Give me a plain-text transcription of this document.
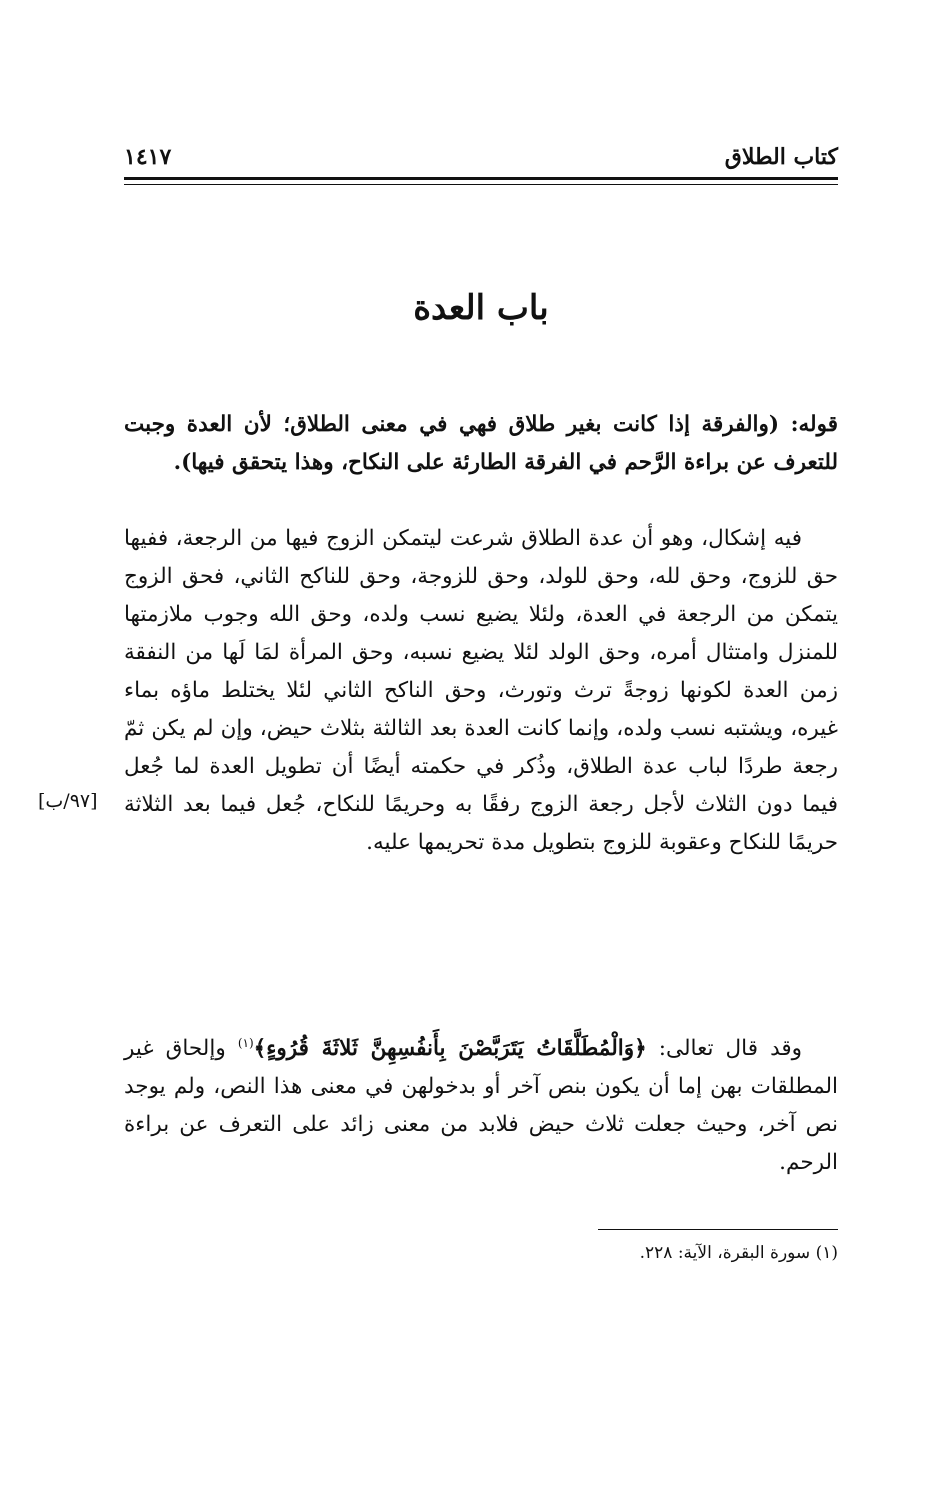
كتاب الطلاق
١٤١٧
باب العدة

قوله: (والفرقة إذا كانت بغير طلاق فهي في معنى الطلاق؛ لأن العدة وجبت للتعرف عن براءة الرَّحم في الفرقة الطارئة على النكاح، وهذا يتحقق فيها).

فيه إشكال، وهو أن عدة الطلاق شرعت ليتمكن الزوج فيها من الرجعة، ففيها حق للزوج، وحق لله، وحق للولد، وحق للزوجة، وحق للناكح الثاني، فحق الزوج يتمكن من الرجعة في العدة، ولئلا يضيع نسب ولده، وحق الله وجوب ملازمتها للمنزل وامتثال أمره، وحق الولد لئلا يضيع نسبه، وحق المرأة لمَا لَها من النفقة زمن العدة لكونها زوجةً ترث وتورث، وحق الناكح الثاني لئلا يختلط ماؤه بماء غيره، ويشتبه نسب ولده، وإنما كانت العدة بعد الثالثة بثلاث حيض، وإن لم يكن ثمّ رجعة طردًا لباب عدة الطلاق، وذُكر في حكمته أيضًا أن تطويل العدة لما جُعل فيما دون الثلاث لأجل رجعة الزوج رفقًا به وحريمًا للنكاح، جُعل فيما بعد الثلاثة حريمًا للنكاح وعقوبة للزوج بتطويل مدة تحريمها عليه.

[٩٧/ب]

وقد قال تعالى: ﴿وَالْمُطَلَّقَاتُ يَتَرَبَّصْنَ بِأَنفُسِهِنَّ ثَلاثَةَ قُرُوءٍ﴾$^{(١)}$ وإلحاق غير المطلقات بهن إما أن يكون بنص آخر أو بدخولهن في معنى هذا النص، ولم يوجد نص آخر، وحيث جعلت ثلاث حيض فلابد من معنى زائد على التعرف عن براءة الرحم.

(١) سورة البقرة، الآية: ٢٢٨.
